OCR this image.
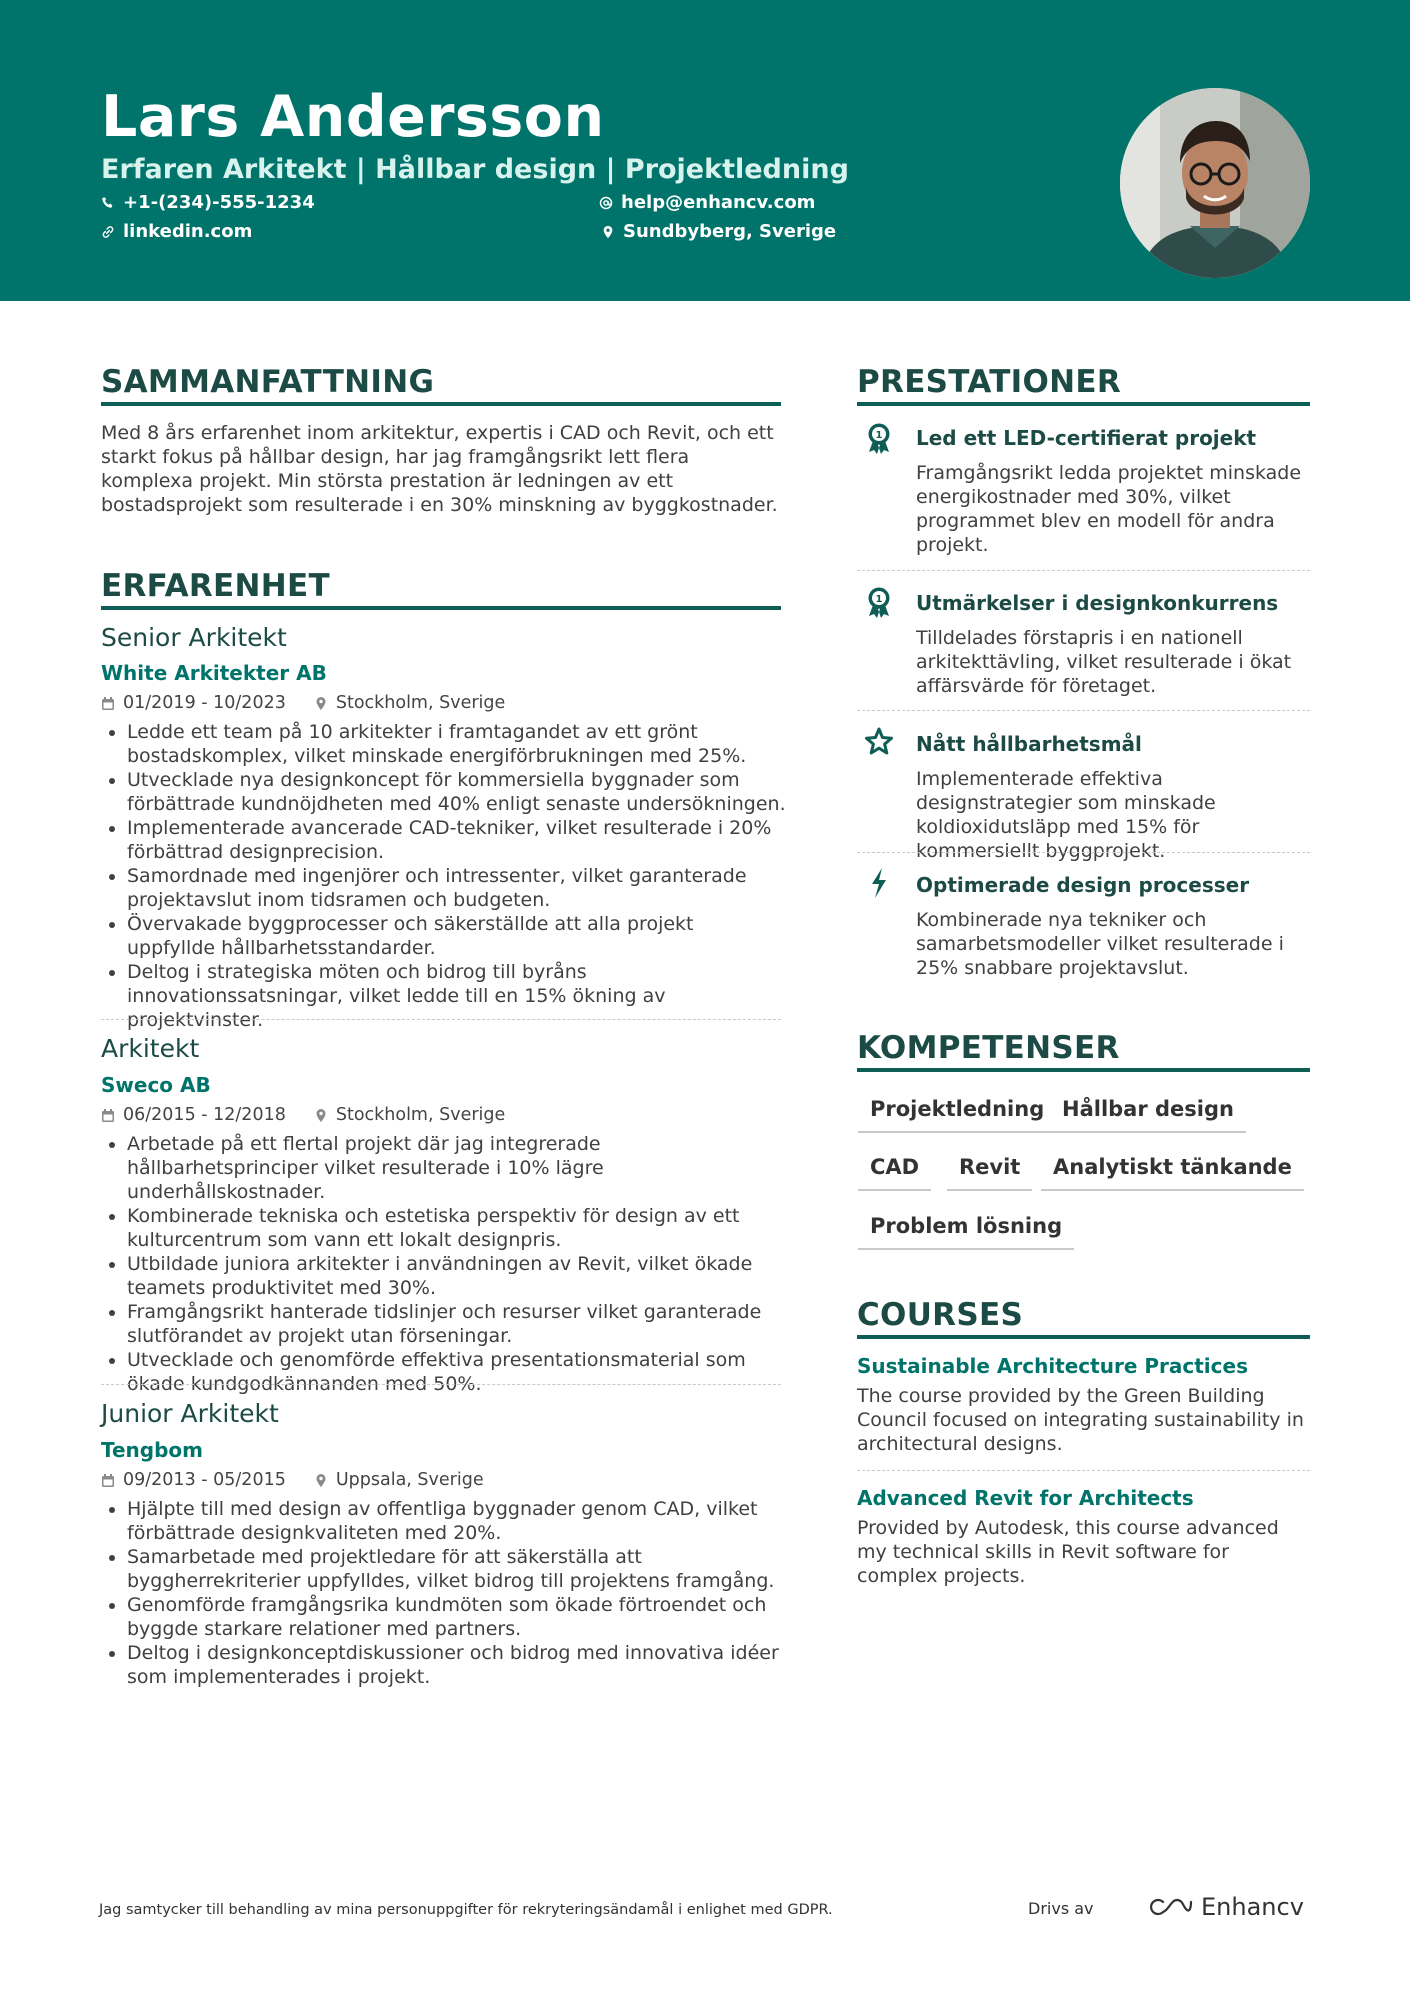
Lars Andersson
Erfaren Arkitekt | Hållbar design | Projektledning
+1-(234)-555-1234	help@enhancv.com
linkedin.com	Sundbyberg, Sverige
SAMMANFATTNING
Med 8 års erfarenhet inom arkitektur, expertis i CAD och Revit, och ett starkt fokus på hållbar design, har jag framgångsrikt lett flera komplexa projekt. Min största prestation är ledningen av ett bostadsprojekt som resulterade i en 30% minskning av byggkostnader.
ERFARENHET
Senior Arkitekt
White Arkitekter AB
01/2019 - 10/2023	Stockholm, Sverige
• Ledde ett team på 10 arkitekter i framtagandet av ett grönt bostadskomplex, vilket minskade energiförbrukningen med 25%.
• Utvecklade nya designkoncept för kommersiella byggnader som förbättrade kundnöjdheten med 40% enligt senaste undersökningen.
• Implementerade avancerade CAD-tekniker, vilket resulterade i 20% förbättrad designprecision.
• Samordnade med ingenjörer och intressenter, vilket garanterade projektavslut inom tidsramen och budgeten.
• Övervakade byggprocesser och säkerställde att alla projekt uppfyllde hållbarhetsstandarder.
• Deltog i strategiska möten och bidrog till byråns innovationssatsningar, vilket ledde till en 15% ökning av projektvinster.
Arkitekt
Sweco AB
06/2015 - 12/2018	Stockholm, Sverige
• Arbetade på ett flertal projekt där jag integrerade hållbarhetsprinciper vilket resulterade i 10% lägre underhållskostnader.
• Kombinerade tekniska och estetiska perspektiv för design av ett kulturcentrum som vann ett lokalt designpris.
• Utbildade juniora arkitekter i användningen av Revit, vilket ökade teamets produktivitet med 30%.
• Framgångsrikt hanterade tidslinjer och resurser vilket garanterade slutförandet av projekt utan förseningar.
• Utvecklade och genomförde effektiva presentationsmaterial som ökade kundgodkännanden med 50%.
Junior Arkitekt
Tengbom
09/2013 - 05/2015	Uppsala, Sverige
• Hjälpte till med design av offentliga byggnader genom CAD, vilket förbättrade designkvaliteten med 20%.
• Samarbetade med projektledare för att säkerställa att byggherrekriterier uppfylldes, vilket bidrog till projektens framgång.
• Genomförde framgångsrika kundmöten som ökade förtroendet och byggde starkare relationer med partners.
• Deltog i designkonceptdiskussioner och bidrog med innovativa idéer som implementerades i projekt.
PRESTATIONER
1 Led ett LED-certifierat projekt
Framgångsrikt ledda projektet minskade energikostnader med 30%, vilket programmet blev en modell för andra projekt.
1 Utmärkelser i designkonkurrens
Tilldelades förstapris i en nationell arkitekttävling, vilket resulterade i ökat affärsvärde för företaget.
Nått hållbarhetsmål
Implementerade effektiva designstrategier som minskade koldioxidutsläpp med 15% för kommersiellt byggprojekt.
Optimerade design processer
Kombinerade nya tekniker och samarbetsmodeller vilket resulterade i 25% snabbare projektavslut.
KOMPETENSER
Projektledning Hållbar design
CAD	Revit	Analytiskt tänkande
Problem lösning
COURSES
Sustainable Architecture Practices
The course provided by the Green Building Council focused on integrating sustainability in architectural designs.
Advanced Revit for Architects
Provided by Autodesk, this course advanced my technical skills in Revit software for complex projects.
Jag samtycker till behandling av mina personuppgifter för rekryteringsändamål i enlighet med GDPR.	Drivs av	Enhancv
